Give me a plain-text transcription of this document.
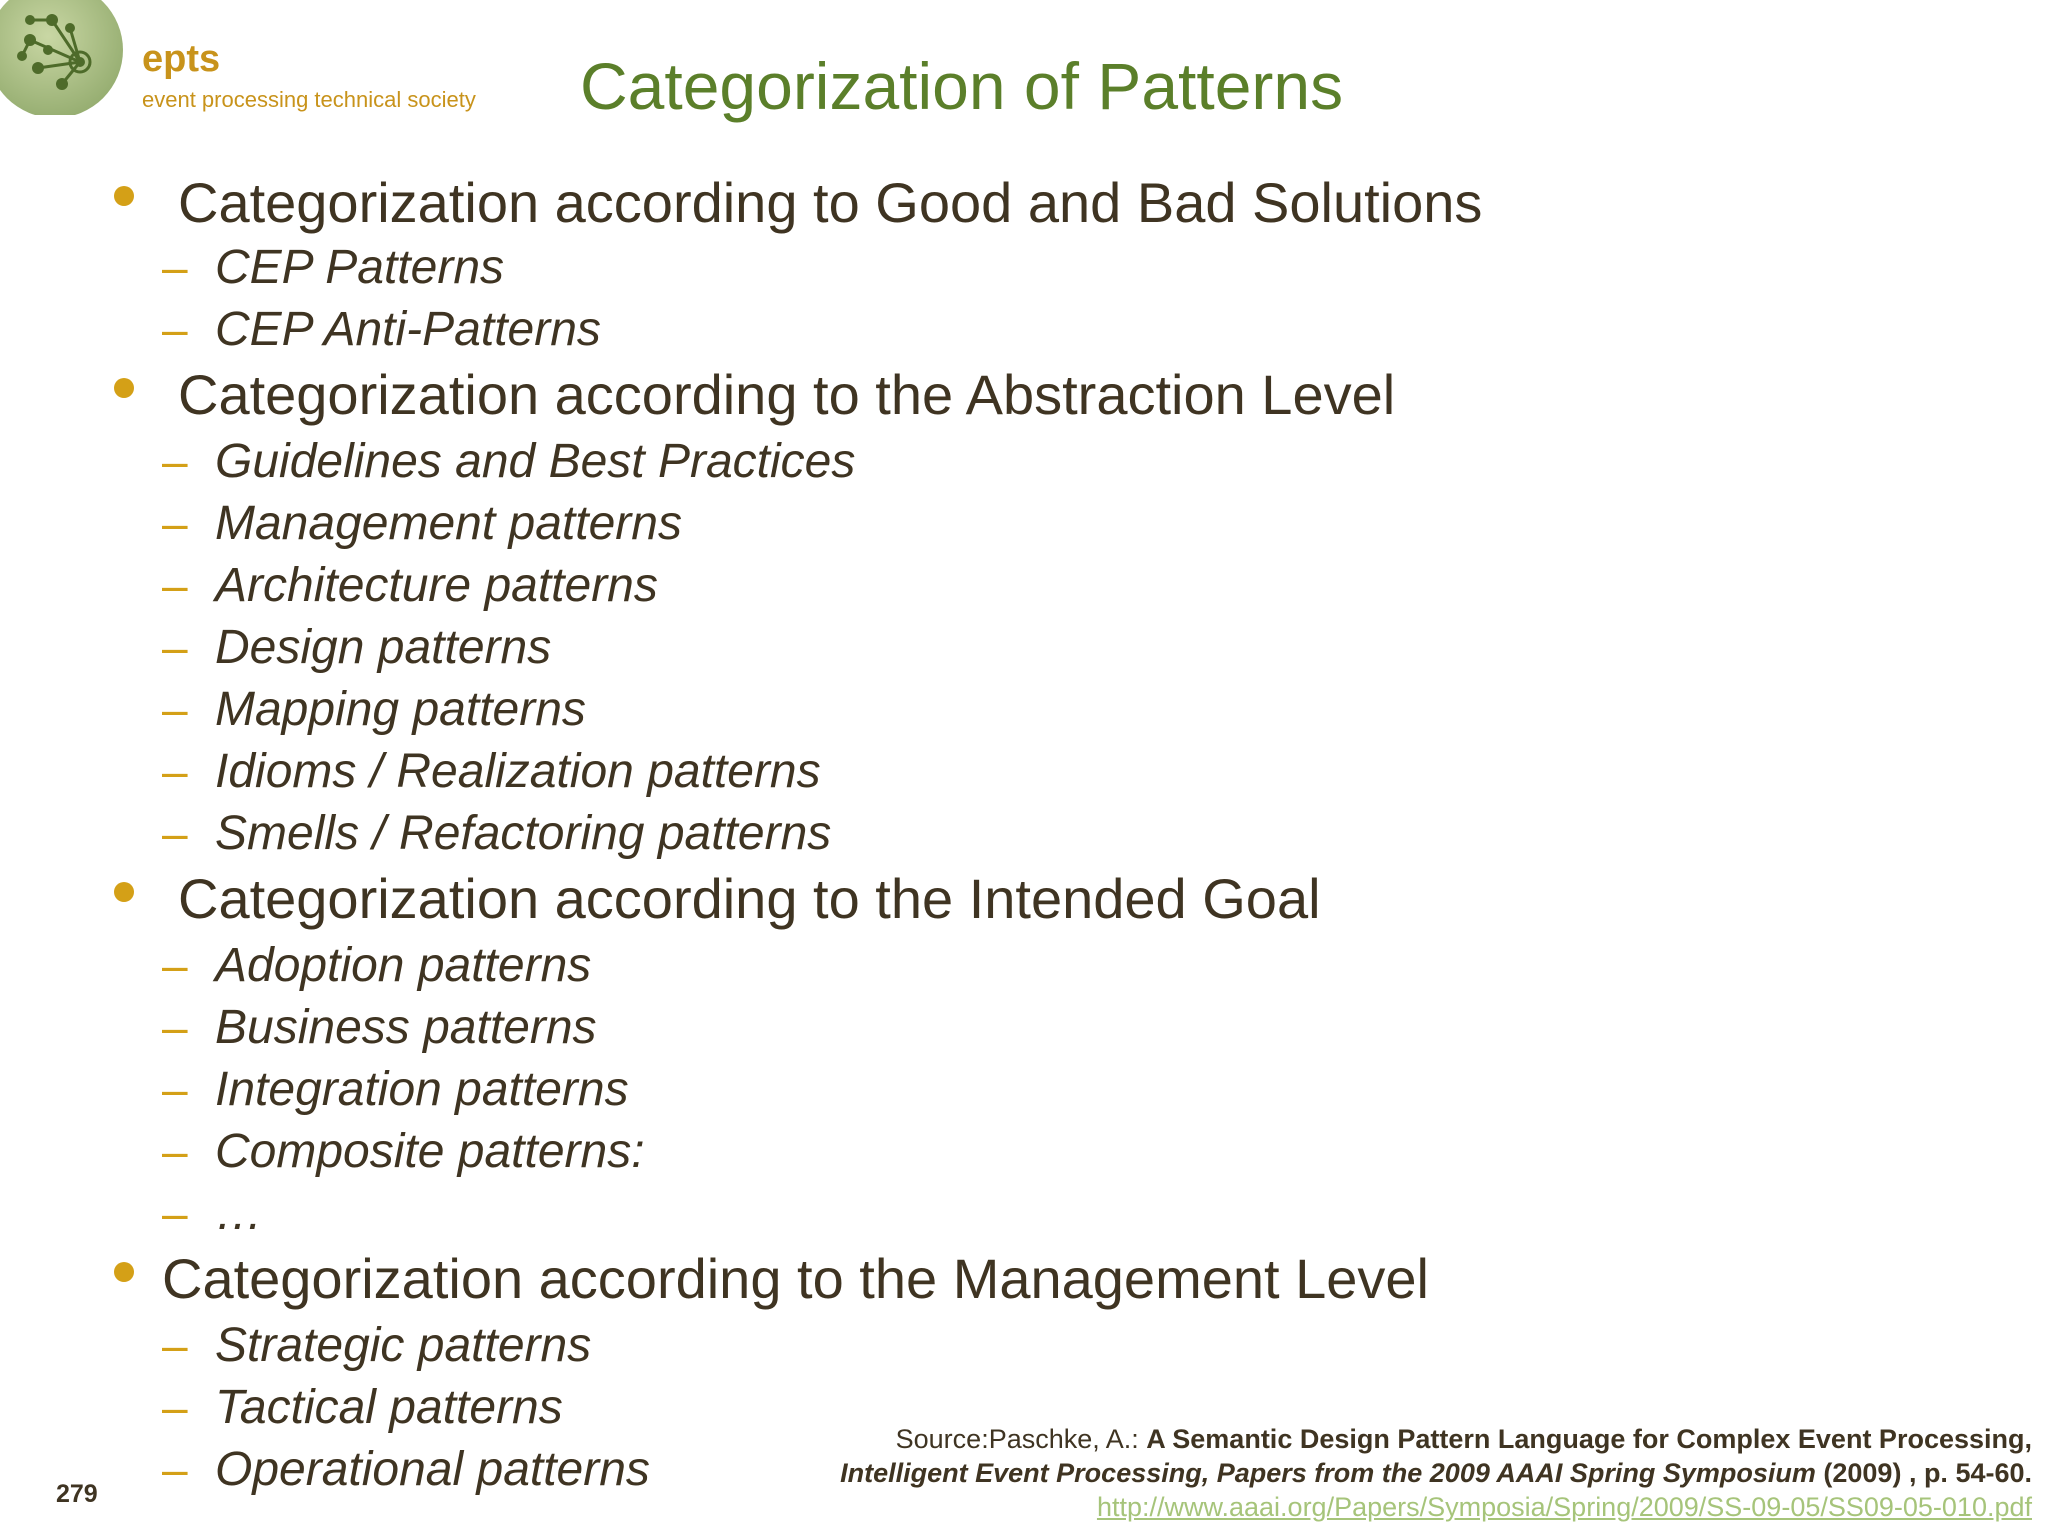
epts
event processing technical society Categorization of Patterns
Categorization according to Good and Bad Solutions
– CEP Patterns
– CEP Anti-Patterns
Categorization according to the Abstraction Level
– Guidelines and Best Practices
– Management patterns
– Architecture patterns
– Design patterns
– Mapping patterns
– Idioms / Realization patterns
– Smells / Refactoring patterns
Categorization according to the Intended Goal
– Adoption patterns
– Business patterns
– Integration patterns
– Composite patterns:
– …
Categorization according to the Management Level
– Strategic patterns
– Tactical patterns
– Operational patterns
Source:Paschke, A.: A Semantic Design Pattern Language for Complex Event Processing,
Intelligent Event Processing, Papers from the 2009 AAAI Spring Symposium (2009) , p. 54-60.
http://www.aaai.org/Papers/Symposia/Spring/2009/SS-09-05/SS09-05-010.pdf
279
